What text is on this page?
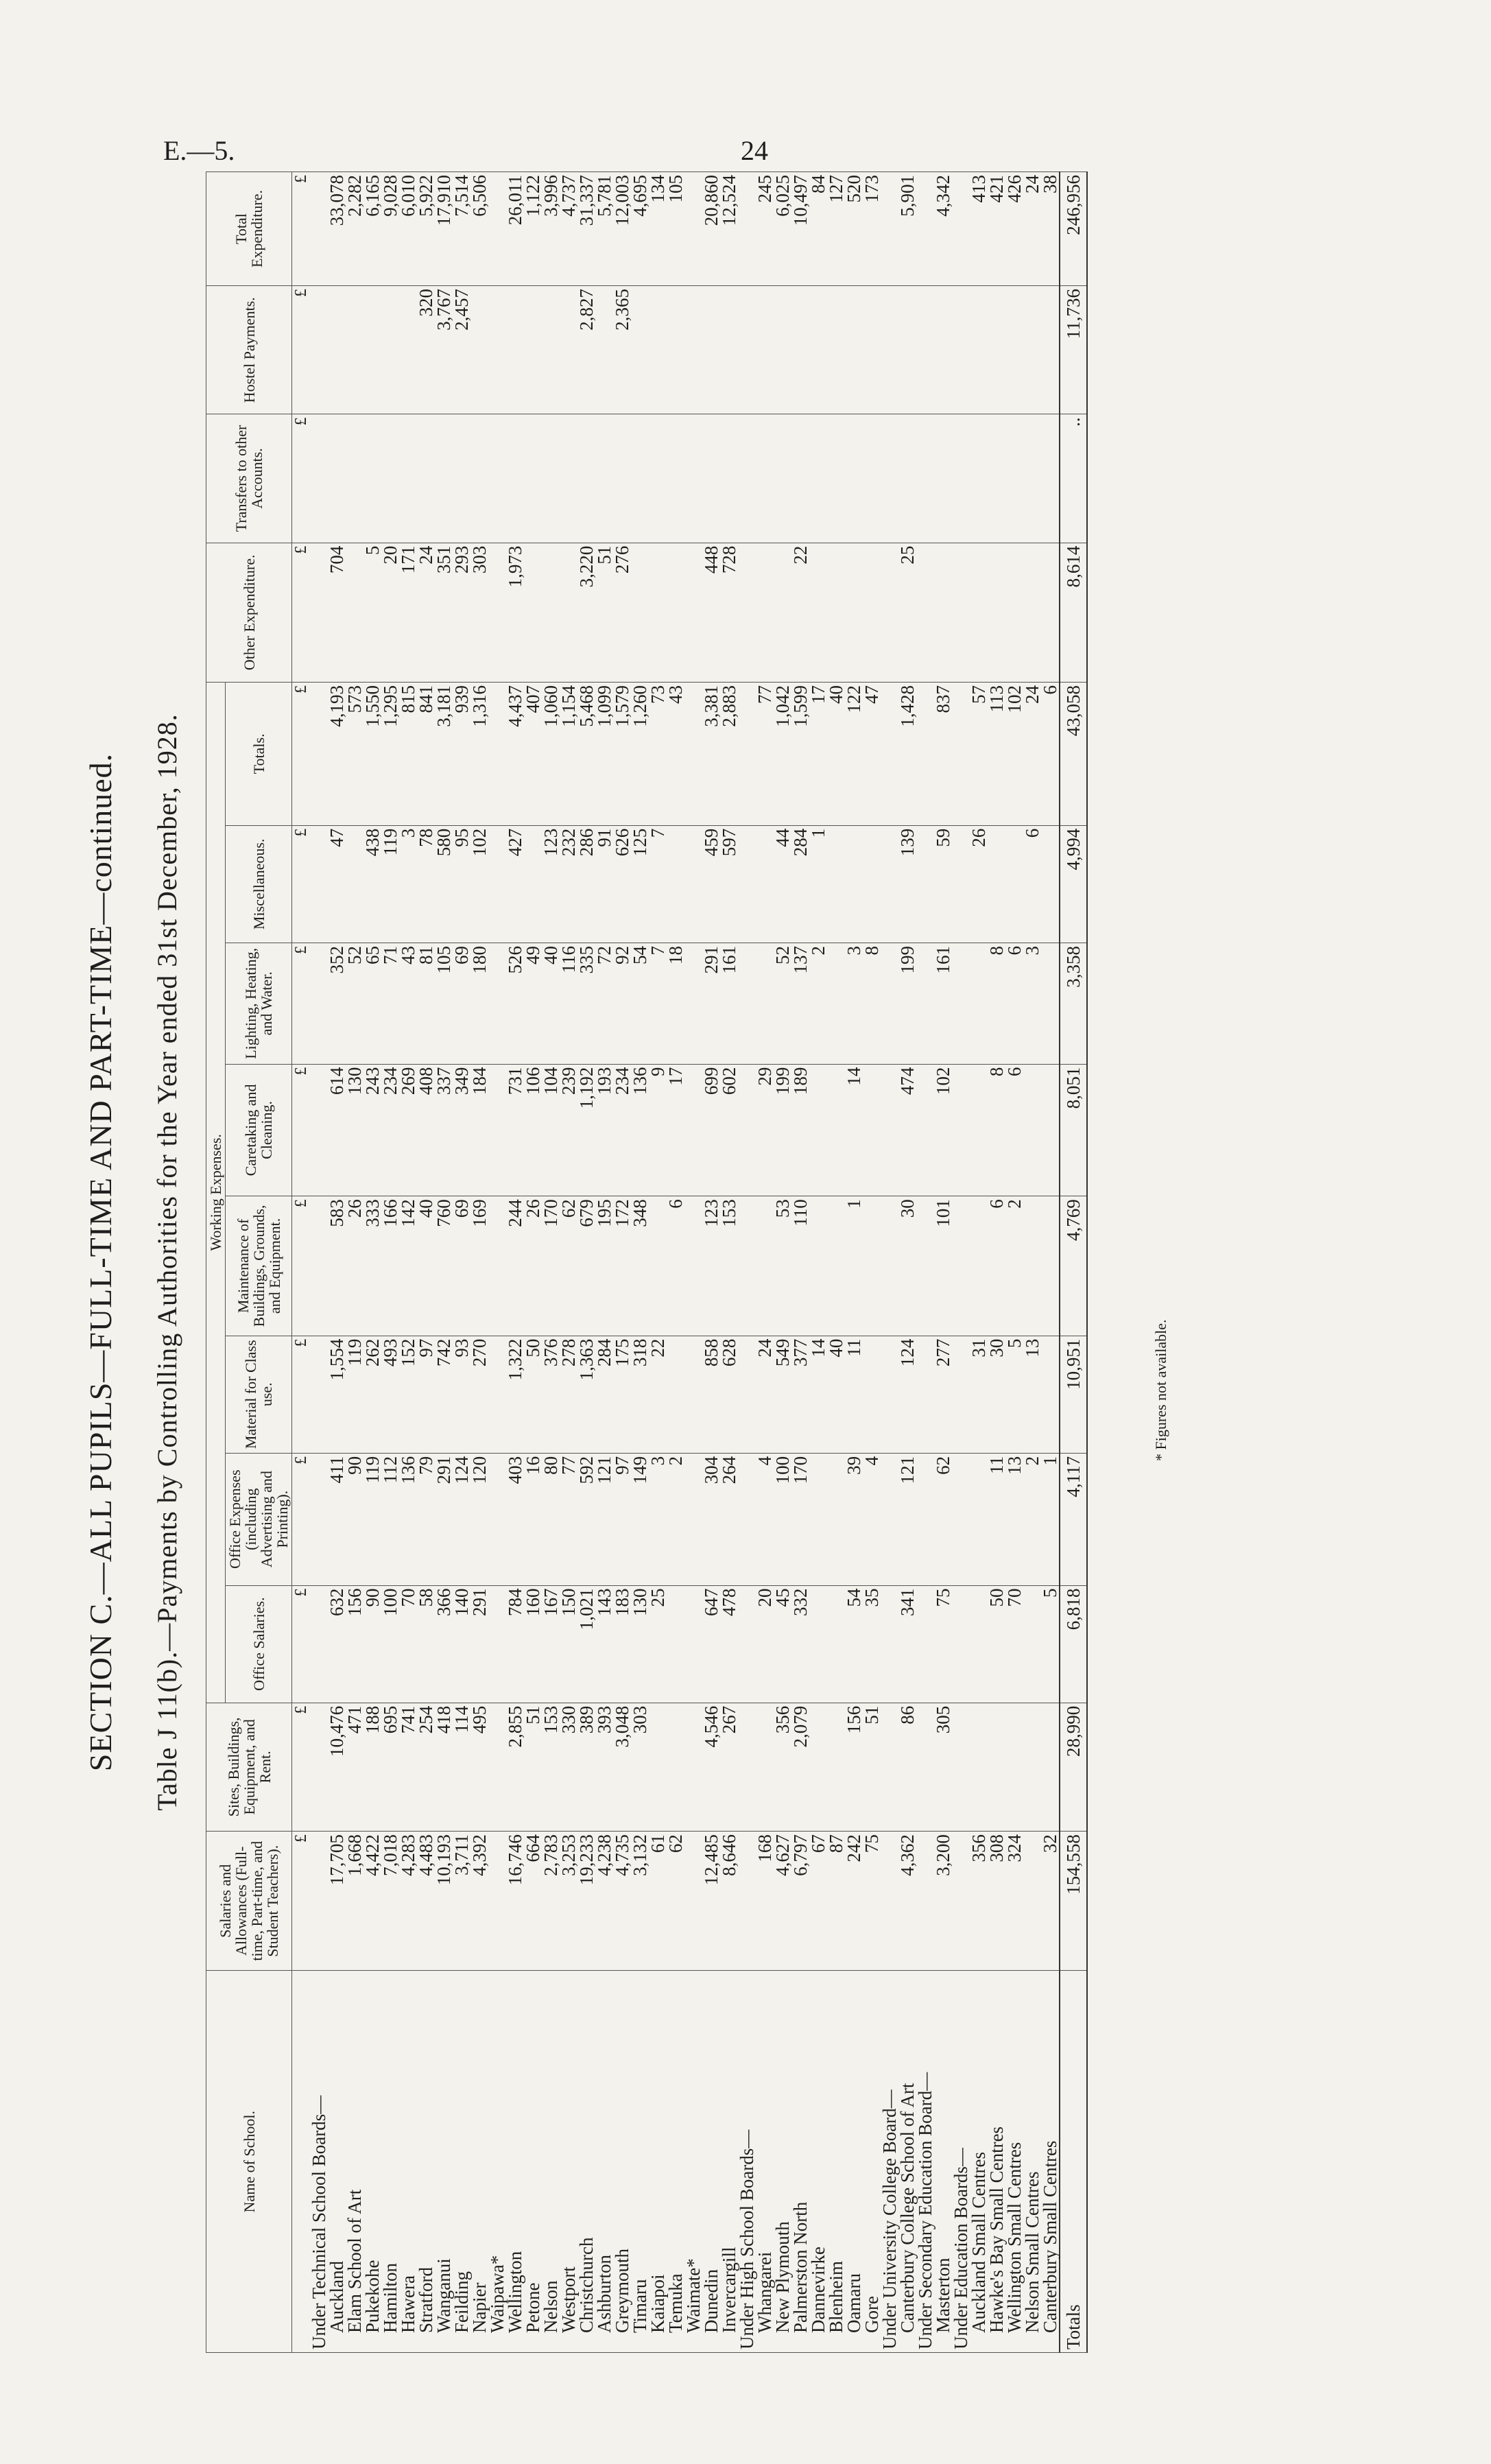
E.—5.	24
SECTION C.—ALL PUPILS—FULL-TIME AND PART-TIME—continued. Table J 11(b).—Payments by Controlling Authorities for the Year ended 31st December, 1928.
Name of School.	Salaries and Allowances (Full-time, Part-time, and Student Teachers).	Sites, Buildings, Equipment, and Rent.	Working Expenses.								Other Expenditure.	Transfers to other Accounts.	Hostel Payments.	Total Expenditure.
			Office Salaries.	Office Expenses (including Advertising and Printing).	Material for Class use.	Maintenance of Buildings, Grounds, and Equipment.	Caretaking and Cleaning.	Lighting, Heating, and Water.	Miscellaneous.	Totals.				
	£	£	£	£	£	£	£	£	£	£	£	£	£	£
Under Technical School Boards—														
Auckland	17,705	10,476	632	411	1,554	583	614	352	47	4,193	704			33,078
Elam School of Art	1,668	471	156	90	119	26	130	52		573				2,282
Pukekohe	4,422	188	90	119	262	333	243	65	438	1,550	5			6,165
Hamilton	7,018	695	100	112	493	166	234	71	119	1,295	20			9,028
Hawera	4,283	741	70	136	152	142	269	43	3	815	171			6,010
Stratford	4,483	254	58	79	97	40	408	81	78	841	24		320	5,922
Wanganui	10,193	418	366	291	742	760	337	105	580	3,181	351		3,767	17,910
Feilding	3,711	114	140	124	93	69	349	69	95	939	293		2,457	7,514
Napier	4,392	495	291	120	270	169	184	180	102	1,316	303			6,506
Waipawa*														
Wellington	16,746	2,855	784	403	1,322	244	731	526	427	4,437	1,973			26,011
Petone	664	51	160	16	50	26	106	49		407				1,122
Nelson	2,783	153	167	80	376	170	104	40	123	1,060				3,996
Westport	3,253	330	150	77	278	62	239	116	232	1,154				4,737
Christchurch	19,233	389	1,021	592	1,363	679	1,192	335	286	5,468	3,220		2,827	31,337
Ashburton	4,238	393	143	121	284	195	193	72	91	1,099	51			5,781
Greymouth	4,735	3,048	183	97	175	172	234	92	626	1,579	276		2,365	12,003
Timaru	3,132	303	130	149	318	348	136	54	125	1,260				4,695
Kaiapoi	61		25	3	22		9	7	7	73				134
Temuka	62			2		6	17	18		43				105
Waimate*														
Dunedin	12,485	4,546	647	304	858	123	699	291	459	3,381	448			20,860
Invercargill	8,646	267	478	264	628	153	602	161	597	2,883	728			12,524
Under High School Boards—														
Whangarei	168		20	4	24		29			77				245
New Plymouth	4,627	356	45	100	549	53	199	52	44	1,042				6,025
Palmerston North	6,797	2,079	332	170	377	110	189	137	284	1,599	22			10,497
Dannevirke	67				14			2	1	17				84
Blenheim	87				40					40				127
Oamaru	242	156	54	39	11	1	14	3		122				520
Gore	75	51	35	4				8		47				173
Under University College Board—														
Canterbury College School of Art	4,362	86	341	121	124	30	474	199	139	1,428	25			5,901
Under Secondary Education Board—														
Masterton	3,200	305	75	62	277	101	102	161	59	837				4,342
Under Education Boards—														
Auckland Small Centres	356				31				26	57				413
Hawke's Bay Small Centres	308		50	11	30	6	8	8		113				421
Wellington Small Centres	324		70	13	5	2	6	6		102				426
Nelson Small Centres				2	13			3	6	24				24
Canterbury Small Centres	32		5	1						6				38
Totals	154,558	28,990	6,818	4,117	10,951	4,769	8,051	3,358	4,994	43,058	8,614	..	11,736	246,956
* Figures not available.
